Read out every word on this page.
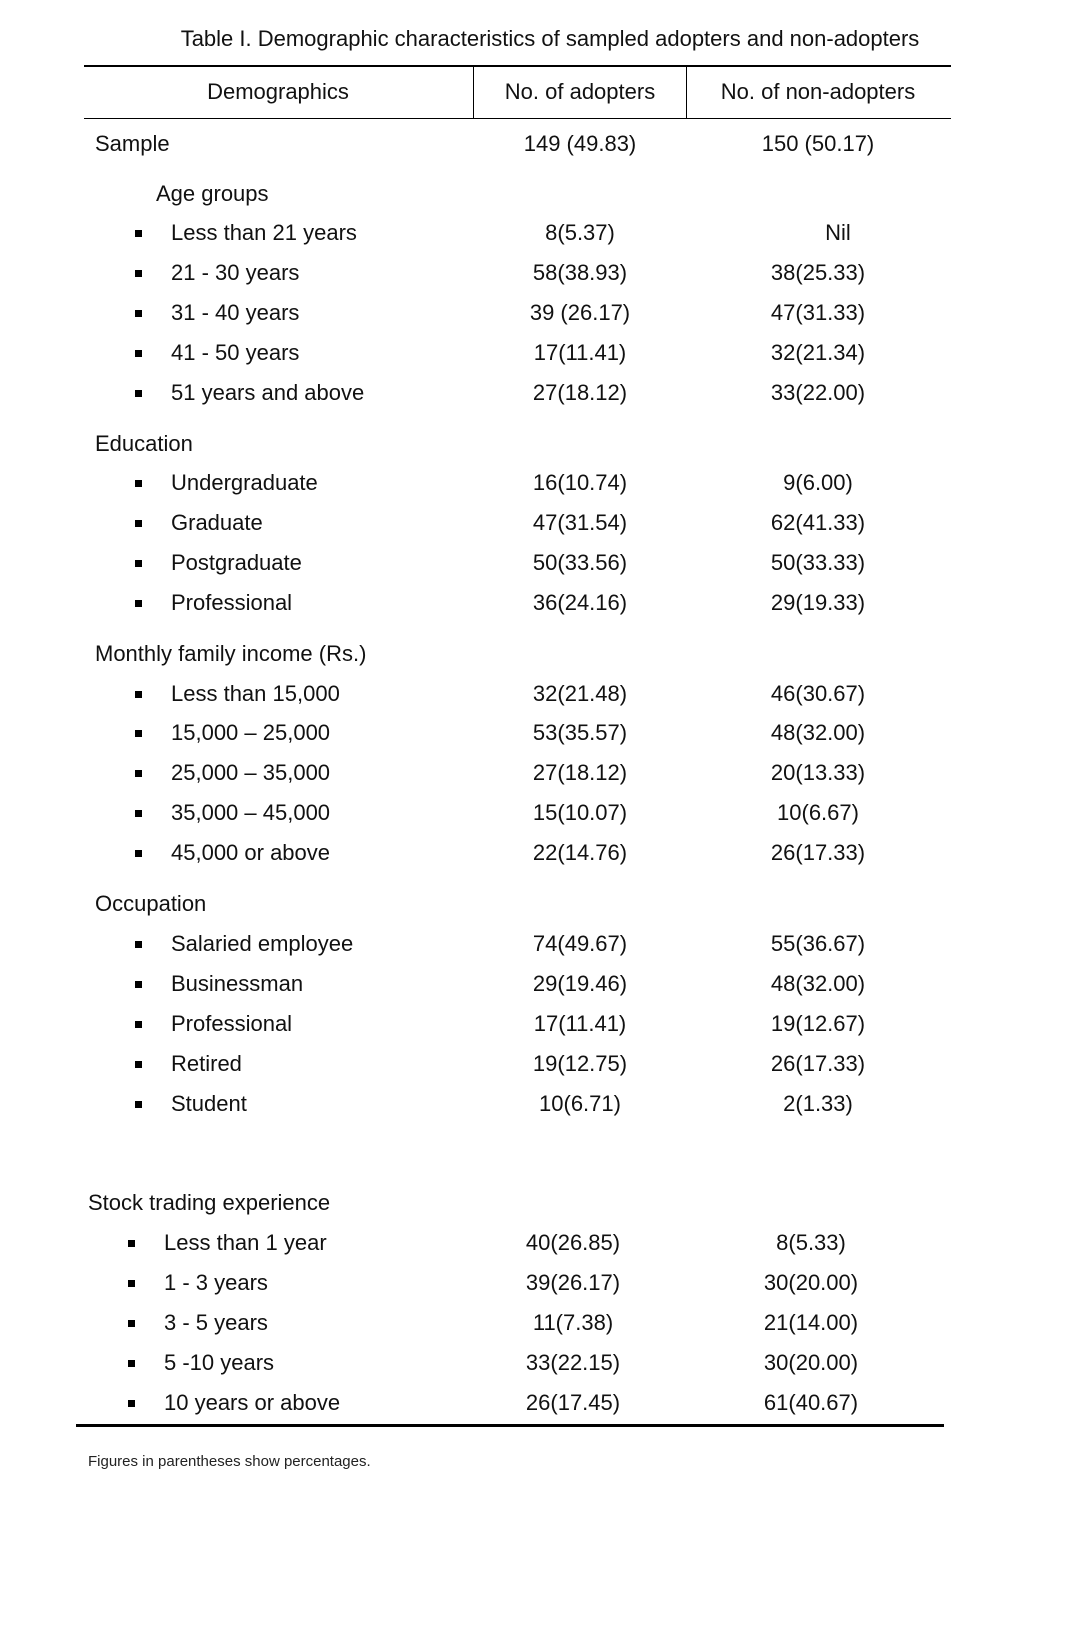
Table I. Demographic characteristics of sampled adopters and non-adopters
Demographics	No. of adopters	No. of non-adopters
Sample	149 (49.83)	150 (50.17)
Age groups
Less than 21 years	8(5.37)	Nil
21 - 30 years	58(38.93)	38(25.33)
31 - 40 years	39 (26.17)	47(31.33)
41 - 50 years	17(11.41)	32(21.34)
51 years and above	27(18.12)	33(22.00)
Education
Undergraduate	16(10.74)	9(6.00)
Graduate	47(31.54)	62(41.33)
Postgraduate	50(33.56)	50(33.33)
Professional	36(24.16)	29(19.33)
Monthly family income (Rs.)
Less than 15,000	32(21.48)	46(30.67)
15,000 – 25,000	53(35.57)	48(32.00)
25,000 – 35,000	27(18.12)	20(13.33)
35,000 – 45,000	15(10.07)	10(6.67)
45,000 or above	22(14.76)	26(17.33)
Occupation
Salaried employee	74(49.67)	55(36.67)
Businessman	29(19.46)	48(32.00)
Professional	17(11.41)	19(12.67)
Retired	19(12.75)	26(17.33)
Student	10(6.71)	2(1.33)
Stock trading experience
Less than 1 year	40(26.85)	8(5.33)
1 - 3 years	39(26.17)	30(20.00)
3 - 5 years	11(7.38)	21(14.00)
5 -10 years	33(22.15)	30(20.00)
10 years or above	26(17.45)	61(40.67)
Figures in parentheses show percentages.
